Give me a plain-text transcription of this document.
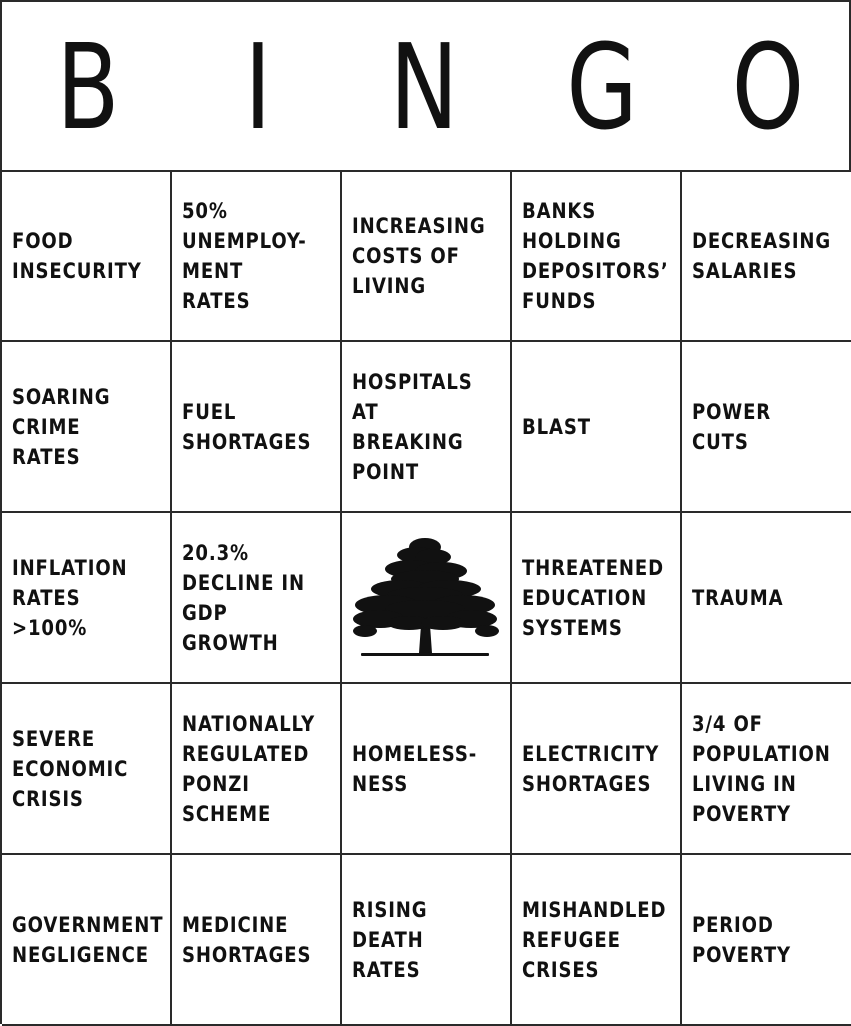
B I N G O
FOOD
INSECURITY
50%
UNEMPLOY-
MENT RATES
INCREASING
COSTS OF
LIVING
BANKS
HOLDING
DEPOSITORS’
FUNDS
DECREASING
SALARIES
SOARING
CRIME
RATES
FUEL
SHORTAGES
HOSPITALS
AT BREAKING
POINT
BLAST
POWER
CUTS
INFLATION
RATES >100%
20.3%
DECLINE IN
GDP
GROWTH
THREATENED
EDUCATION
SYSTEMS
TRAUMA
SEVERE
ECONOMIC
CRISIS
NATIONALLY
REGULATED
PONZI
SCHEME
HOMELESS-
NESS
ELECTRICITY
SHORTAGES
3/4 OF
POPULATION
LIVING IN
POVERTY
GOVERNMENT
NEGLIGENCE
MEDICINE
SHORTAGES
RISING
DEATH RATES
MISHANDLED
REFUGEE
CRISES
PERIOD
POVERTY
